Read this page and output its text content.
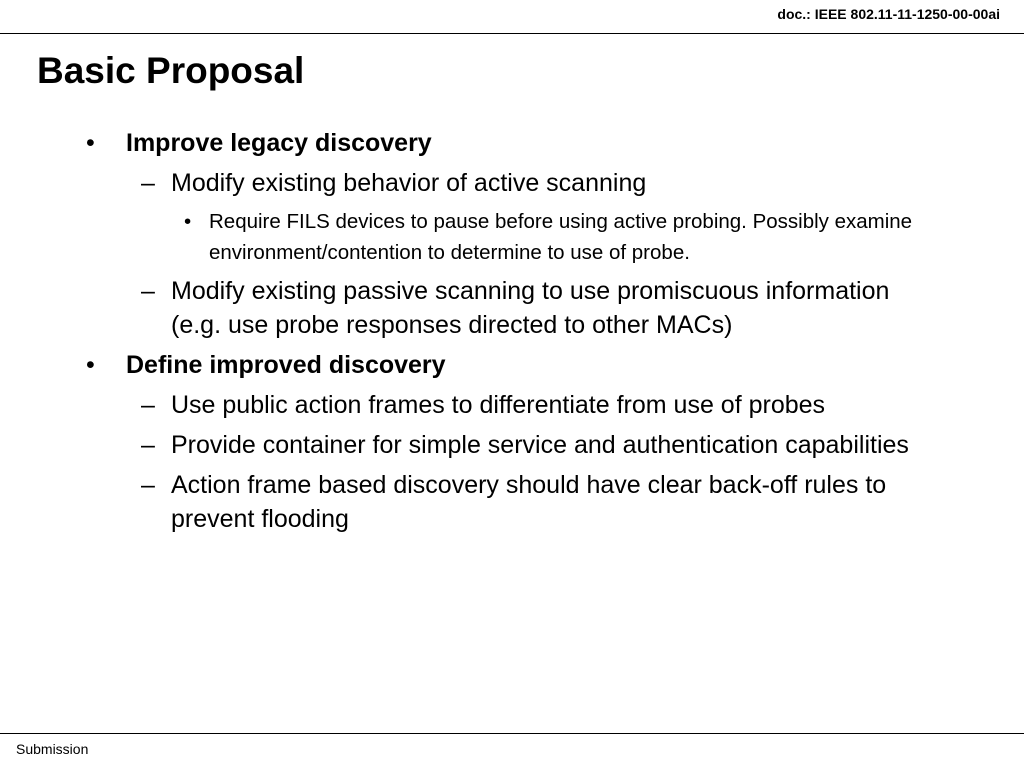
doc.: IEEE 802.11-11-1250-00-00ai
Basic Proposal
• Improve legacy discovery
– Modify existing behavior of active scanning
• Require FILS devices to pause before using active probing. Possibly examine environment/contention to determine to use of probe.
– Modify existing passive scanning to use promiscuous information
(e.g. use probe responses directed to other MACs)
• Define improved discovery
– Use public action frames to differentiate from use of probes
– Provide container for simple service and authentication capabilities
– Action frame based discovery should have clear back-off rules to prevent flooding
Submission
